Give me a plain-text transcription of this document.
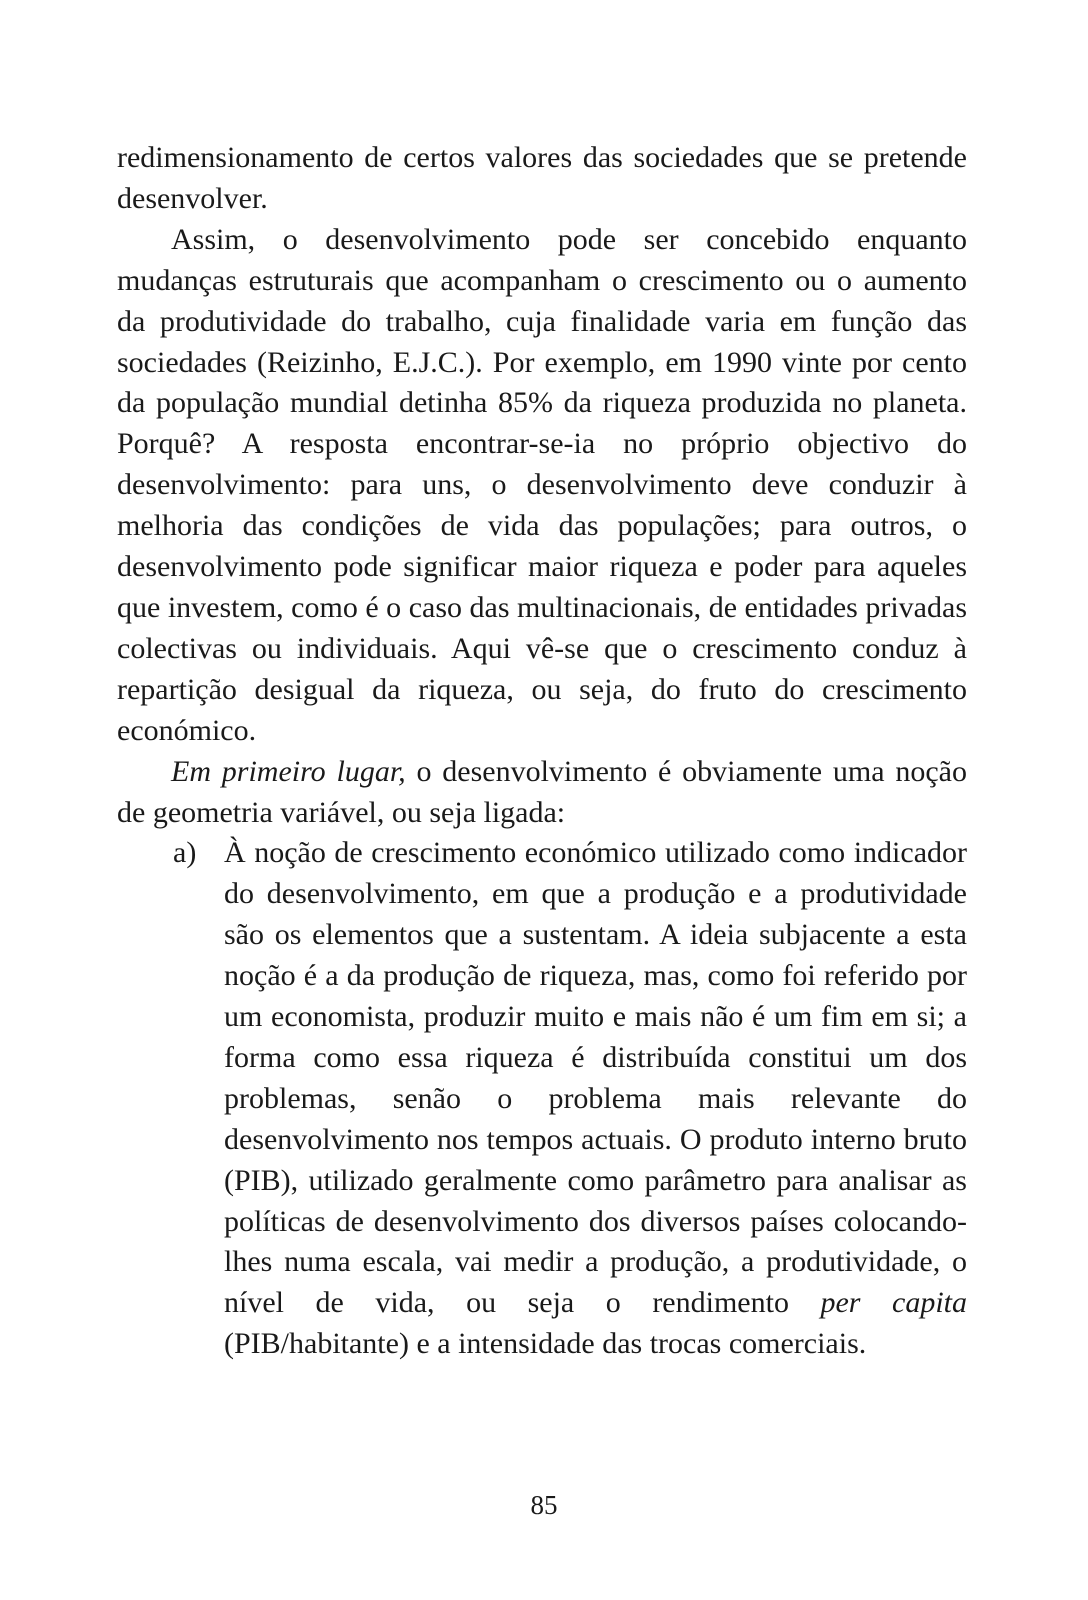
redimensionamento de certos valores das sociedades que se pretende desenvolver.

Assim, o desenvolvimento pode ser concebido enquanto mudanças estruturais que acompanham o crescimento ou o aumento da produtividade do trabalho, cuja finalidade varia em função das sociedades (Reizinho, E.J.C.). Por exemplo, em 1990 vinte por cento da população mundial detinha 85% da riqueza produzida no planeta. Porquê? A resposta encontrar-se-ia no próprio objectivo do desenvolvimento: para uns, o desenvolvimento deve conduzir à melhoria das condições de vida das populações; para outros, o desenvolvimento pode significar maior riqueza e poder para aqueles que investem, como é o caso das multinacionais, de entidades privadas colectivas ou individuais. Aqui vê-se que o crescimento conduz à repartição desigual da riqueza, ou seja, do fruto do crescimento económico.

Em primeiro lugar, o desenvolvimento é obviamente uma noção de geometria variável, ou seja ligada:

a) À noção de crescimento económico utilizado como indicador do desenvolvimento, em que a produção e a produtividade são os elementos que a sustentam. A ideia subjacente a esta noção é a da produção de riqueza, mas, como foi referido por um economista, produzir muito e mais não é um fim em si; a forma como essa riqueza é distribuída constitui um dos problemas, senão o problema mais relevante do desenvolvimento nos tempos actuais. O produto interno bruto (PIB), utilizado geralmente como parâmetro para analisar as políticas de desenvolvimento dos diversos países colocando-lhes numa escala, vai medir a produção, a produtividade, o nível de vida, ou seja o rendimento per capita (PIB/habitante) e a intensidade das trocas comerciais.

85
